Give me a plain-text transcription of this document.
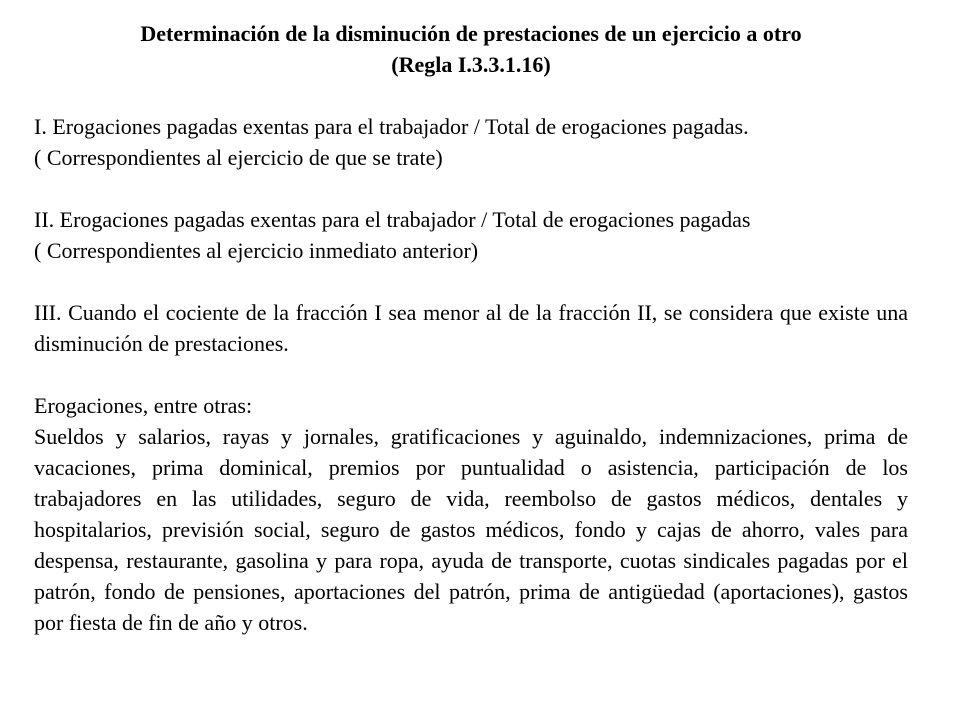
Determinación de la disminución de prestaciones de un ejercicio a otro
(Regla I.3.3.1.16)
I. Erogaciones pagadas exentas para el trabajador / Total de erogaciones pagadas.
( Correspondientes al ejercicio de que se trate)
II. Erogaciones pagadas exentas para el trabajador / Total de erogaciones pagadas
( Correspondientes al ejercicio inmediato anterior)
III. Cuando el cociente de la fracción I sea menor al de la fracción II, se considera que existe una disminución de prestaciones.
Erogaciones, entre otras:
Sueldos y salarios, rayas y jornales, gratificaciones y aguinaldo, indemnizaciones, prima de vacaciones, prima dominical, premios por puntualidad o asistencia, participación de los trabajadores en las utilidades, seguro de vida, reembolso de gastos médicos, dentales y hospitalarios, previsión social, seguro de gastos médicos, fondo y cajas de ahorro, vales para despensa, restaurante, gasolina y para ropa, ayuda de transporte, cuotas sindicales pagadas por el patrón, fondo de pensiones, aportaciones del patrón, prima de antigüedad (aportaciones), gastos por fiesta de fin de año y otros.
